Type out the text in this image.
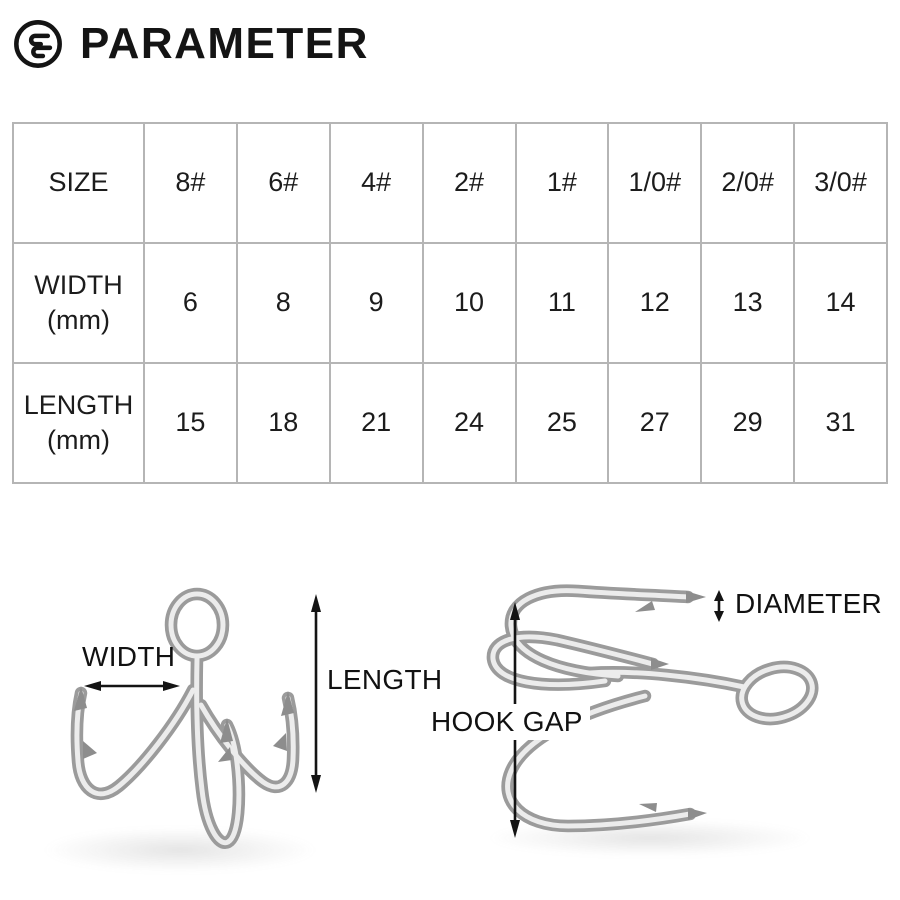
PARAMETER
SIZE	8#	6#	4#	2#	1#	1/0#	2/0#	3/0#

WIDTH
(mm)	6	8	9	10	11	12	13	14

LENGTH
(mm)	15	18	21	24	25	27	29	31
WIDTH
LENGTH
DIAMETER
HOOK GAP
